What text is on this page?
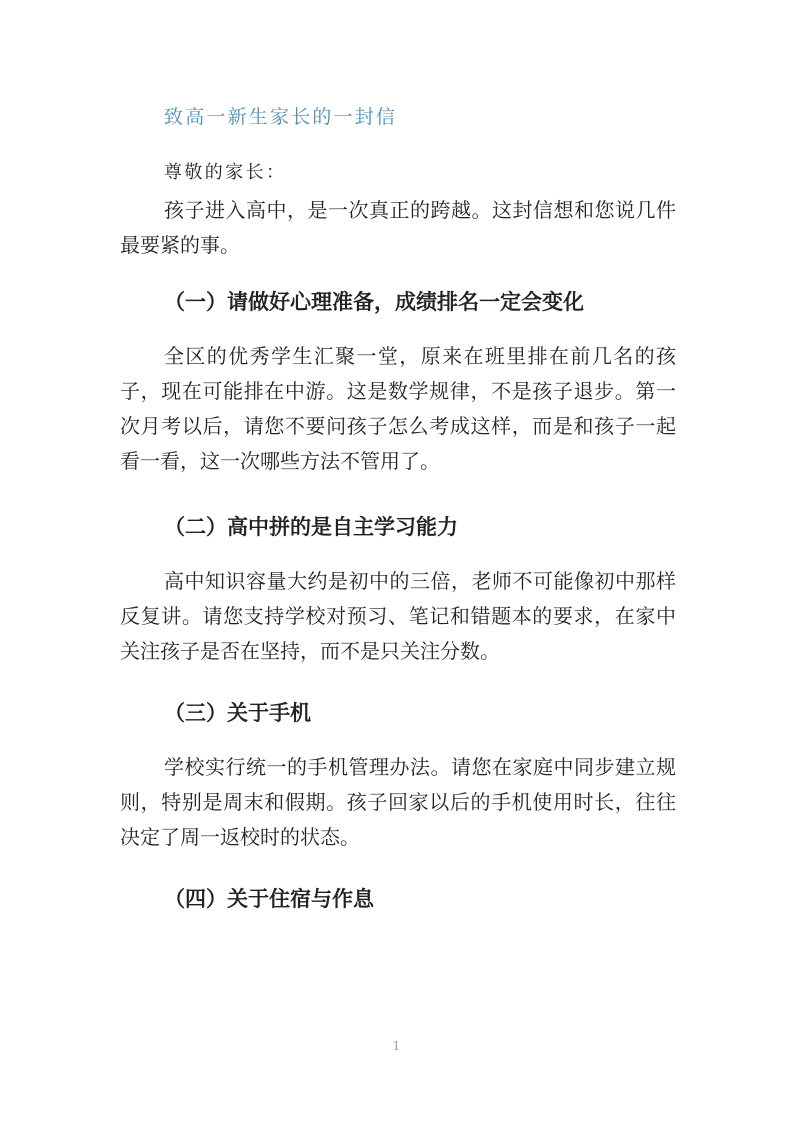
致高一新生家长的一封信
尊敬的家长：

孩子进入高中，是一次真正的跨越。这封信想和您说几件最要紧的事。

（一）请做好心理准备，成绩排名一定会变化

全区的优秀学生汇聚一堂，原来在班里排在前几名的孩子，现在可能排在中游。这是数学规律，不是孩子退步。第一次月考以后，请您不要问孩子怎么考成这样，而是和孩子一起看一看，这一次哪些方法不管用了。

（二）高中拼的是自主学习能力

高中知识容量大约是初中的三倍，老师不可能像初中那样反复讲。请您支持学校对预习、笔记和错题本的要求，在家中关注孩子是否在坚持，而不是只关注分数。

（三）关于手机

学校实行统一的手机管理办法。请您在家庭中同步建立规则，特别是周末和假期。孩子回家以后的手机使用时长，往往决定了周一返校时的状态。

（四）关于住宿与作息
1
